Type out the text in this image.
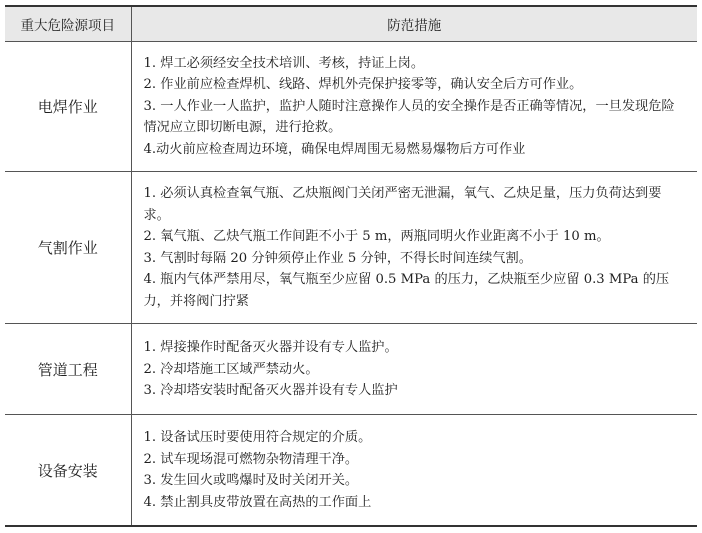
重大危险源项目	防范措施
电焊作业	1. 焊工必须经安全技术培训、考核，持证上岗。

2. 作业前应检查焊机、线路、焊机外壳保护接零等，确认安全后方可作业。

3. 一人作业一人监护，监护人随时注意操作人员的安全操作是否正确等情况，一旦发现危险情况应立即切断电源，进行抢救。

4.动火前应检查周边环境，确保电焊周围无易燃易爆物后方可作业

气割作业	1. 必须认真检查氧气瓶、乙炔瓶阀门关闭严密无泄漏，氧气、乙炔足量，压力负荷达到要求。

2. 氧气瓶、乙炔气瓶工作间距不小于 5 m，两瓶同明火作业距离不小于 10 m。

3. 气割时每隔 20 分钟须停止作业 5 分钟，不得长时间连续气割。

4. 瓶内气体严禁用尽，氧气瓶至少应留 0.5 MPa 的压力，乙炔瓶至少应留 0.3 MPa 的压力，并将阀门拧紧

管道工程	1. 焊接操作时配备灭火器并设有专人监护。

2. 冷却塔施工区域严禁动火。

3. 冷却塔安装时配备灭火器并设有专人监护

设备安装	1. 设备试压时要使用符合规定的介质。

2. 试车现场混可燃物杂物清理干净。

3. 发生回火或鸣爆时及时关闭开关。

4. 禁止割具皮带放置在高热的工作面上
